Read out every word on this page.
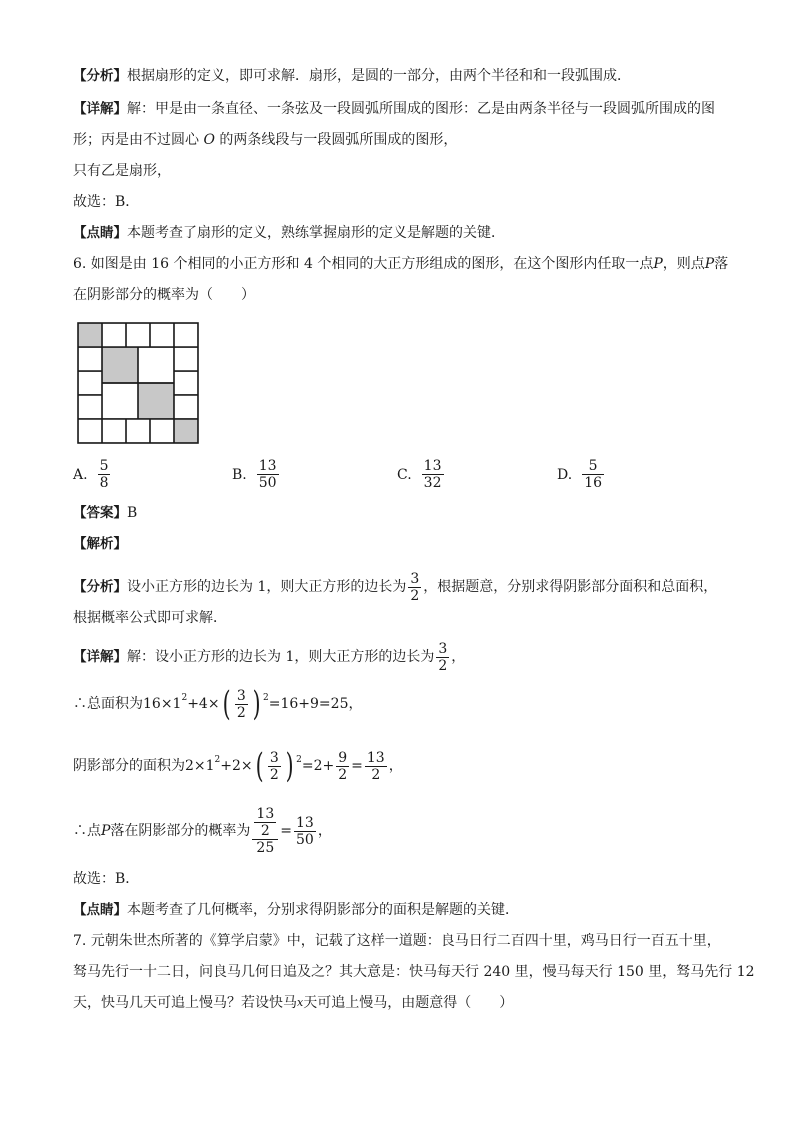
【分析】根据扇形的定义，即可求解．扇形，是圆的一部分，由两个半径和和一段弧围成．
【详解】解：甲是由一条直径、一条弦及一段圆弧所围成的图形：乙是由两条半径与一段圆弧所围成的图
形；丙是由不过圆心 O 的两条线段与一段圆弧所围成的图形，
只有乙是扇形，
故选：B．
【点睛】本题考查了扇形的定义，熟练掌握扇形的定义是解题的关键．
6. 如图是由 16 个相同的小正方形和 4 个相同的大正方形组成的图形，在这个图形内任取一点P，则点P落
在阴影部分的概率为（　　）
A. $\frac{5}{8}$	B. $\frac{13}{50}$	C. $\frac{13}{32}$	D. $\frac{5}{16}$
【答案】B
【解析】
【分析】设小正方形的边长为 1，则大正方形的边长为 $\frac{3}{2}$ ，根据题意，分别求得阴影部分面积和总面积，
根据概率公式即可求解．
【详解】解：设小正方形的边长为 1，则大正方形的边长为 $\frac{3}{2}$ ，
∴总面积为$16\times 1^2+4\times( \frac{3}{2}$ ) $^2$=16+9=25，
阴影部分的面积为$2\times 1^2+2\times( \frac{3}{2}$ ) $^2=2+ \frac{9}{2} = \frac{13}{2}$ ，
∴点P落在阴影部分的概率为 $\frac{\frac{13}{2}}{25} = \frac{13}{50}$ ，
故选：B．
【点睛】本题考查了几何概率，分别求得阴影部分的面积是解题的关键．
7. 元朝朱世杰所著的《算学启蒙》中，记载了这样一道题：良马日行二百四十里，鸡马日行一百五十里，
驽马先行一十二日，问良马几何日追及之？其大意是：快马每天行 240 里，慢马每天行 150 里，驽马先行 12
天，快马几天可追上慢马？若设快马$^x$天可追上慢马，由题意得（　　）
